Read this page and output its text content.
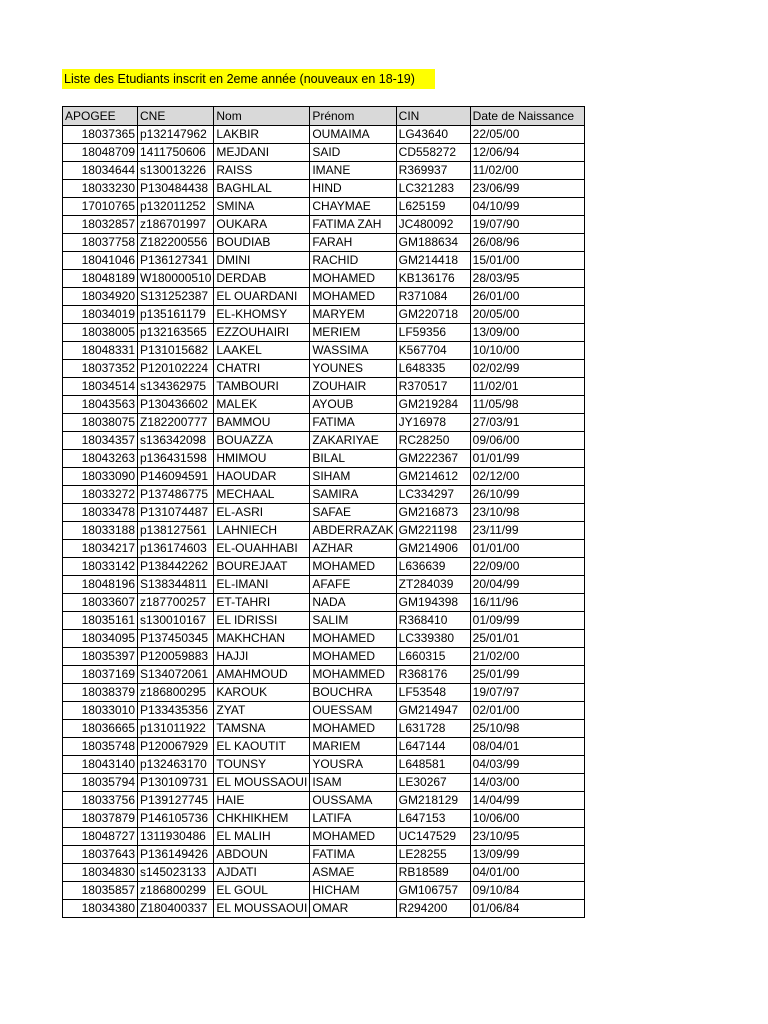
Liste des Etudiants inscrit en 2eme année (nouveaux en 18-19)
APOGEE	CNE	Nom	Prénom	CIN	Date de Naissance
18037365	p132147962	LAKBIR	OUMAIMA	LG43640	22/05/00
18048709	1411750606	MEJDANI	SAID	CD558272	12/06/94
18034644	s130013226	RAISS	IMANE	R369937	11/02/00
18033230	P130484438	BAGHLAL	HIND	LC321283	23/06/99
17010765	p132011252	SMINA	CHAYMAE	L625159	04/10/99
18032857	z186701997	OUKARA	FATIMA ZAH	JC480092	19/07/90
18037758	Z182200556	BOUDIAB	FARAH	GM188634	26/08/96
18041046	P136127341	DMINI	RACHID	GM214418	15/01/00
18048189	W180000510	DERDAB	MOHAMED	KB136176	28/03/95
18034920	S131252387	EL OUARDANI	MOHAMED	R371084	26/01/00
18034019	p135161179	EL-KHOMSY	MARYEM	GM220718	20/05/00
18038005	p132163565	EZZOUHAIRI	MERIEM	LF59356	13/09/00
18048331	P131015682	LAAKEL	WASSIMA	K567704	10/10/00
18037352	P120102224	CHATRI	YOUNES	L648335	02/02/99
18034514	s134362975	TAMBOURI	ZOUHAIR	R370517	11/02/01
18043563	P130436602	MALEK	AYOUB	GM219284	11/05/98
18038075	Z182200777	BAMMOU	FATIMA	JY16978	27/03/91
18034357	s136342098	BOUAZZA	ZAKARIYAE	RC28250	09/06/00
18043263	p136431598	HMIMOU	BILAL	GM222367	01/01/99
18033090	P146094591	HAOUDAR	SIHAM	GM214612	02/12/00
18033272	P137486775	MECHAAL	SAMIRA	LC334297	26/10/99
18033478	P131074487	EL-ASRI	SAFAE	GM216873	23/10/98
18033188	p138127561	LAHNIECH	ABDERRAZAK	GM221198	23/11/99
18034217	p136174603	EL-OUAHHABI	AZHAR	GM214906	01/01/00
18033142	P138442262	BOUREJAAT	MOHAMED	L636639	22/09/00
18048196	S138344811	EL-IMANI	AFAFE	ZT284039	20/04/99
18033607	z187700257	ET-TAHRI	NADA	GM194398	16/11/96
18035161	s130010167	EL IDRISSI	SALIM	R368410	01/09/99
18034095	P137450345	MAKHCHAN	MOHAMED	LC339380	25/01/01
18035397	P120059883	HAJJI	MOHAMED	L660315	21/02/00
18037169	S134072061	AMAHMOUD	MOHAMMED	R368176	25/01/99
18038379	z186800295	KAROUK	BOUCHRA	LF53548	19/07/97
18033010	P133435356	ZYAT	OUESSAM	GM214947	02/01/00
18036665	p131011922	TAMSNA	MOHAMED	L631728	25/10/98
18035748	P120067929	EL KAOUTIT	MARIEM	L647144	08/04/01
18043140	p132463170	TOUNSY	YOUSRA	L648581	04/03/99
18035794	P130109731	EL MOUSSAOUI	ISAM	LE30267	14/03/00
18033756	P139127745	HAIE	OUSSAMA	GM218129	14/04/99
18037879	P146105736	CHKHIKHEM	LATIFA	L647153	10/06/00
18048727	1311930486	EL MALIH	MOHAMED	UC147529	23/10/95
18037643	P136149426	ABDOUN	FATIMA	LE28255	13/09/99
18034830	s145023133	AJDATI	ASMAE	RB18589	04/01/00
18035857	z186800299	EL GOUL	HICHAM	GM106757	09/10/84
18034380	Z180400337	EL MOUSSAOUI	OMAR	R294200	01/06/84
